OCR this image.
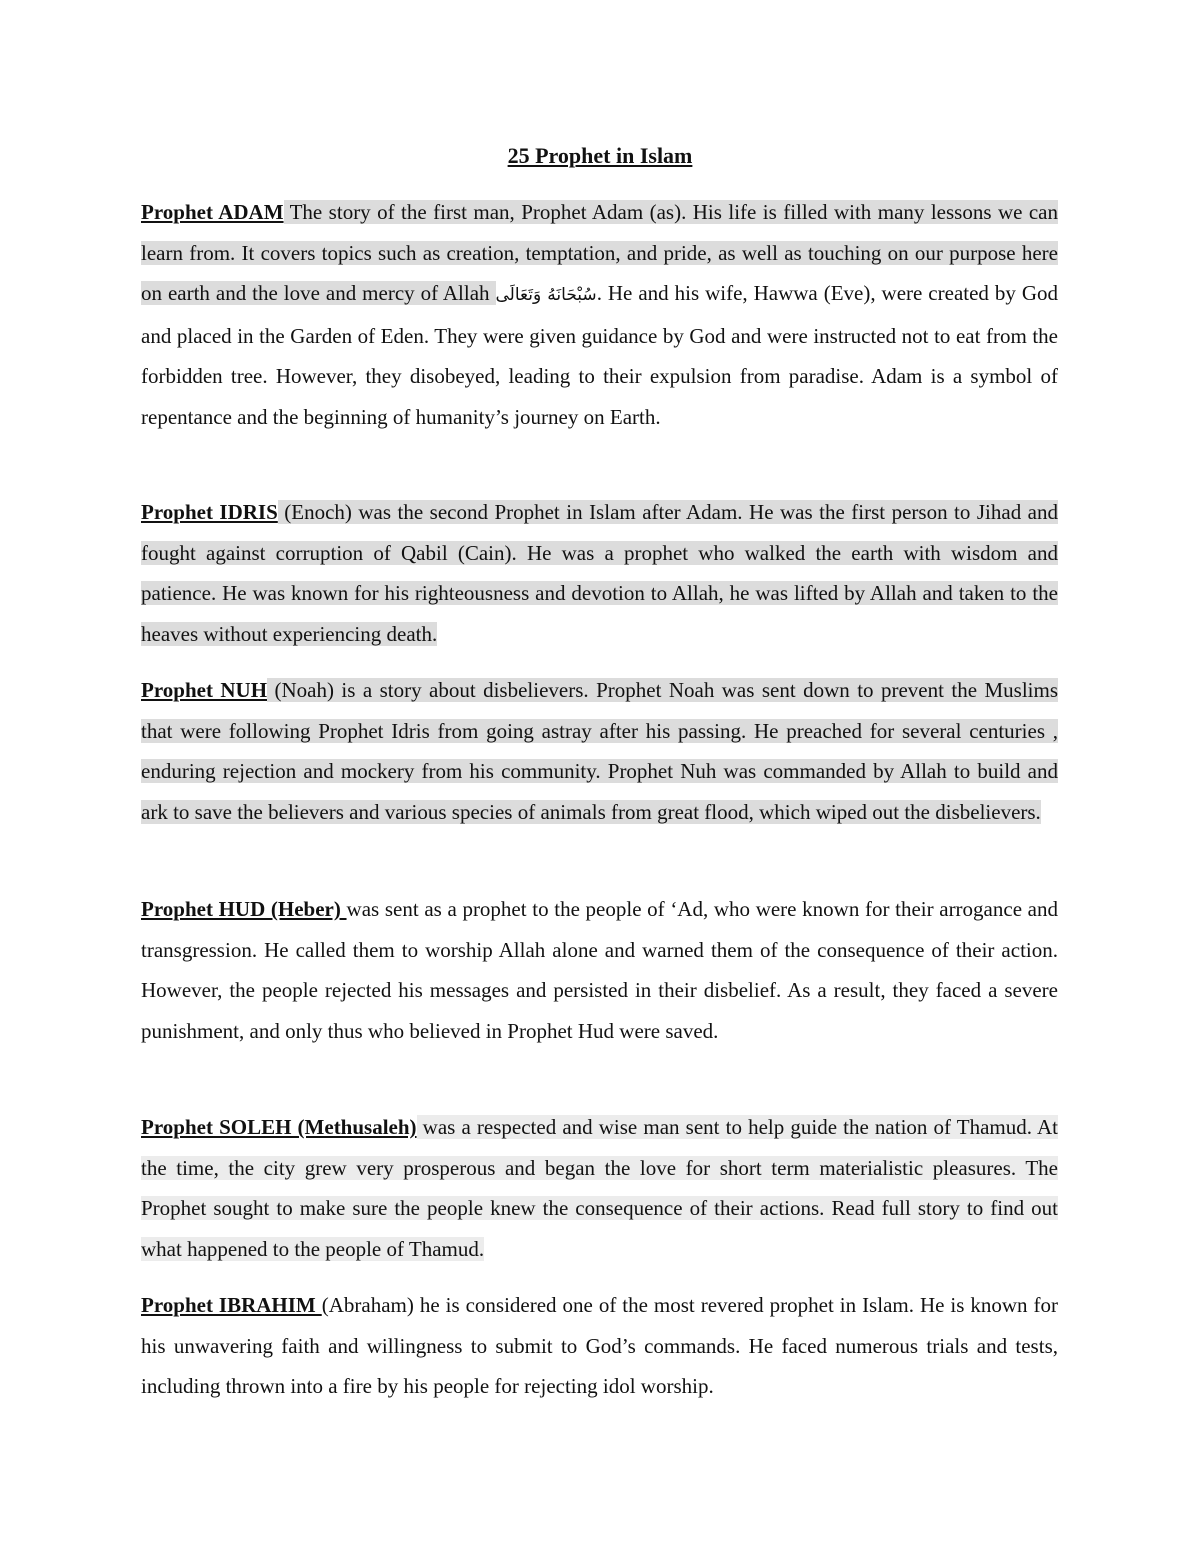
25 Prophet in Islam

Prophet ADAM The story of the first man, Prophet Adam (as). His life is filled with many lessons we can learn from. It covers topics such as creation, temptation, and pride, as well as touching on our purpose here on earth and the love and mercy of Allah سُبْحَانَهُ وَتَعَالَى. He and his wife, Hawwa (Eve), were created by God and placed in the Garden of Eden. They were given guidance by God and were instructed not to eat from the forbidden tree. However, they disobeyed, leading to their expulsion from paradise. Adam is a symbol of repentance and the beginning of humanity’s journey on Earth.

Prophet IDRIS (Enoch) was the second Prophet in Islam after Adam. He was the first person to Jihad and fought against corruption of Qabil (Cain). He was a prophet who walked the earth with wisdom and patience. He was known for his righteousness and devotion to Allah, he was lifted by Allah and taken to the heaves without experiencing death.

Prophet NUH (Noah) is a story about disbelievers. Prophet Noah was sent down to prevent the Muslims that were following Prophet Idris from going astray after his passing. He preached for several centuries , enduring rejection and mockery from his community. Prophet Nuh was commanded by Allah to build and ark to save the believers and various species of animals from great flood, which wiped out the disbelievers.

Prophet HUD (Heber) was sent as a prophet to the people of ‘Ad, who were known for their arrogance and transgression. He called them to worship Allah alone and warned them of the consequence of their action. However, the people rejected his messages and persisted in their disbelief. As a result, they faced a severe punishment, and only thus who believed in Prophet Hud were saved.

Prophet SOLEH (Methusaleh) was a respected and wise man sent to help guide the nation of Thamud. At the time, the city grew very prosperous and began the love for short term materialistic pleasures. The Prophet sought to make sure the people knew the consequence of their actions. Read full story to find out what happened to the people of Thamud.

Prophet IBRAHIM (Abraham) he is considered one of the most revered prophet in Islam. He is known for his unwavering faith and willingness to submit to God’s commands. He faced numerous trials and tests, including thrown into a fire by his people for rejecting idol worship.
